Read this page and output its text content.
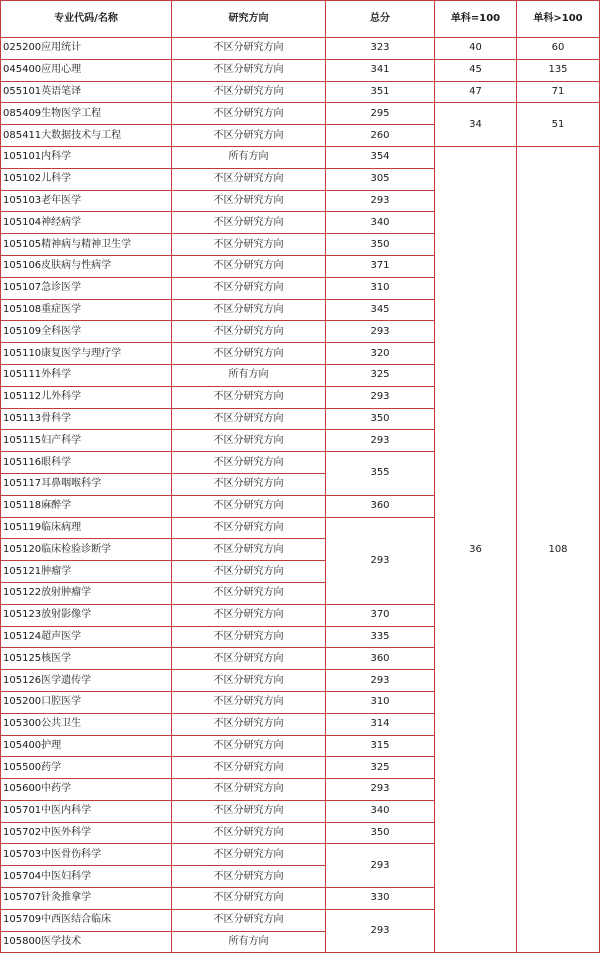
专业代码/名称	研究方向	总分	单科=100	单科>100
025200应用统计	不区分研究方向	323	40	60
045400应用心理	不区分研究方向	341	45	135
055101英语笔译	不区分研究方向	351	47	71
085409生物医学工程	不区分研究方向	295	34	51
085411大数据技术与工程	不区分研究方向	260		
105101内科学	所有方向	354	36	108
105102儿科学	不区分研究方向	305		
105103老年医学	不区分研究方向	293		
105104神经病学	不区分研究方向	340		
105105精神病与精神卫生学	不区分研究方向	350		
105106皮肤病与性病学	不区分研究方向	371		
105107急诊医学	不区分研究方向	310		
105108重症医学	不区分研究方向	345		
105109全科医学	不区分研究方向	293		
105110康复医学与理疗学	不区分研究方向	320		
105111外科学	所有方向	325		
105112儿外科学	不区分研究方向	293		
105113骨科学	不区分研究方向	350		
105115妇产科学	不区分研究方向	293		
105116眼科学	不区分研究方向	355		
105117耳鼻咽喉科学	不区分研究方向			
105118麻醉学	不区分研究方向	360		
105119临床病理	不区分研究方向	293		
105120临床检验诊断学	不区分研究方向			
105121肿瘤学	不区分研究方向			
105122放射肿瘤学	不区分研究方向			
105123放射影像学	不区分研究方向	370		
105124超声医学	不区分研究方向	335		
105125核医学	不区分研究方向	360		
105126医学遗传学	不区分研究方向	293		
105200口腔医学	不区分研究方向	310		
105300公共卫生	不区分研究方向	314		
105400护理	不区分研究方向	315		
105500药学	不区分研究方向	325		
105600中药学	不区分研究方向	293		
105701中医内科学	不区分研究方向	340		
105702中医外科学	不区分研究方向	350		
105703中医骨伤科学	不区分研究方向	293		
105704中医妇科学	不区分研究方向			
105707针灸推拿学	不区分研究方向	330		
105709中西医结合临床	不区分研究方向	293		
105800医学技术	所有方向			
